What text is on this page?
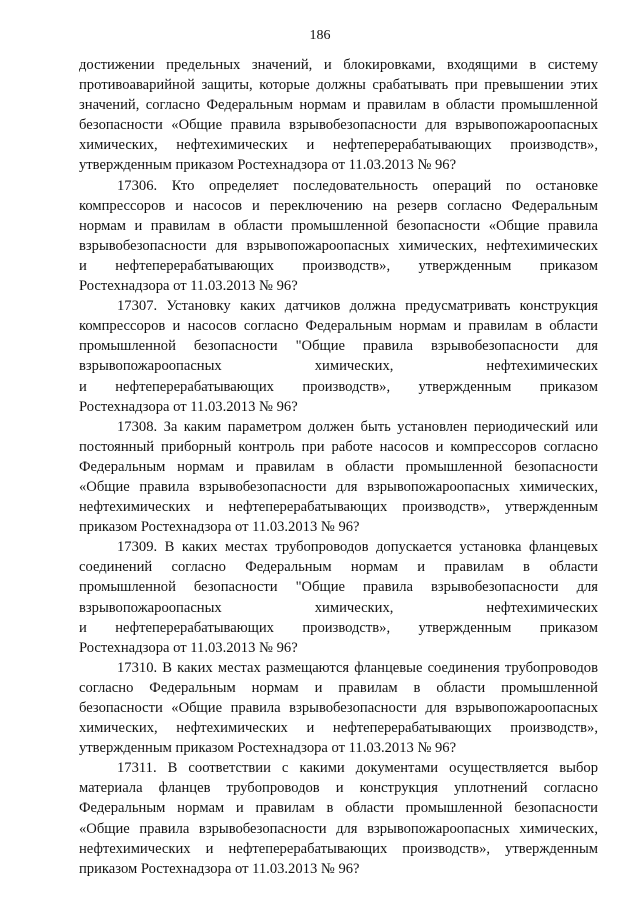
186
достижении предельных значений, и блокировками, входящими в систему
противоаварийной защиты, которые должны срабатывать при превышении этих
значений, согласно Федеральным нормам и правилам в области промышленной
безопасности «Общие правила взрывобезопасности для взрывопожароопасных
химических, нефтехимических и нефтеперерабатывающих производств»,
утвержденным приказом Ростехнадзора от 11.03.2013 № 96?
17306. Кто определяет последовательность операций по остановке
компрессоров и насосов и переключению на резерв согласно Федеральным
нормам и правилам в области промышленной безопасности «Общие правила
взрывобезопасности для взрывопожароопасных химических, нефтехимических
и нефтеперерабатывающих производств», утвержденным приказом
Ростехнадзора от 11.03.2013 № 96?
17307. Установку каких датчиков должна предусматривать конструкция
компрессоров и насосов согласно Федеральным нормам и правилам в области
промышленной безопасности "Общие правила взрывобезопасности для
взрывопожароопасных химических, нефтехимических
и нефтеперерабатывающих производств», утвержденным приказом
Ростехнадзора от 11.03.2013 № 96?
17308. За каким параметром должен быть установлен периодический или
постоянный приборный контроль при работе насосов и компрессоров согласно
Федеральным нормам и правилам в области промышленной безопасности
«Общие правила взрывобезопасности для взрывопожароопасных химических,
нефтехимических и нефтеперерабатывающих производств», утвержденным
приказом Ростехнадзора от 11.03.2013 № 96?
17309. В каких местах трубопроводов допускается установка фланцевых
соединений согласно Федеральным нормам и правилам в области
промышленной безопасности "Общие правила взрывобезопасности для
взрывопожароопасных химических, нефтехимических
и нефтеперерабатывающих производств», утвержденным приказом
Ростехнадзора от 11.03.2013 № 96?
17310. В каких местах размещаются фланцевые соединения трубопроводов
согласно Федеральным нормам и правилам в области промышленной
безопасности «Общие правила взрывобезопасности для взрывопожароопасных
химических, нефтехимических и нефтеперерабатывающих производств»,
утвержденным приказом Ростехнадзора от 11.03.2013 № 96?
17311. В соответствии с какими документами осуществляется выбор
материала фланцев трубопроводов и конструкция уплотнений согласно
Федеральным нормам и правилам в области промышленной безопасности
«Общие правила взрывобезопасности для взрывопожароопасных химических,
нефтехимических и нефтеперерабатывающих производств», утвержденным
приказом Ростехнадзора от 11.03.2013 № 96?
